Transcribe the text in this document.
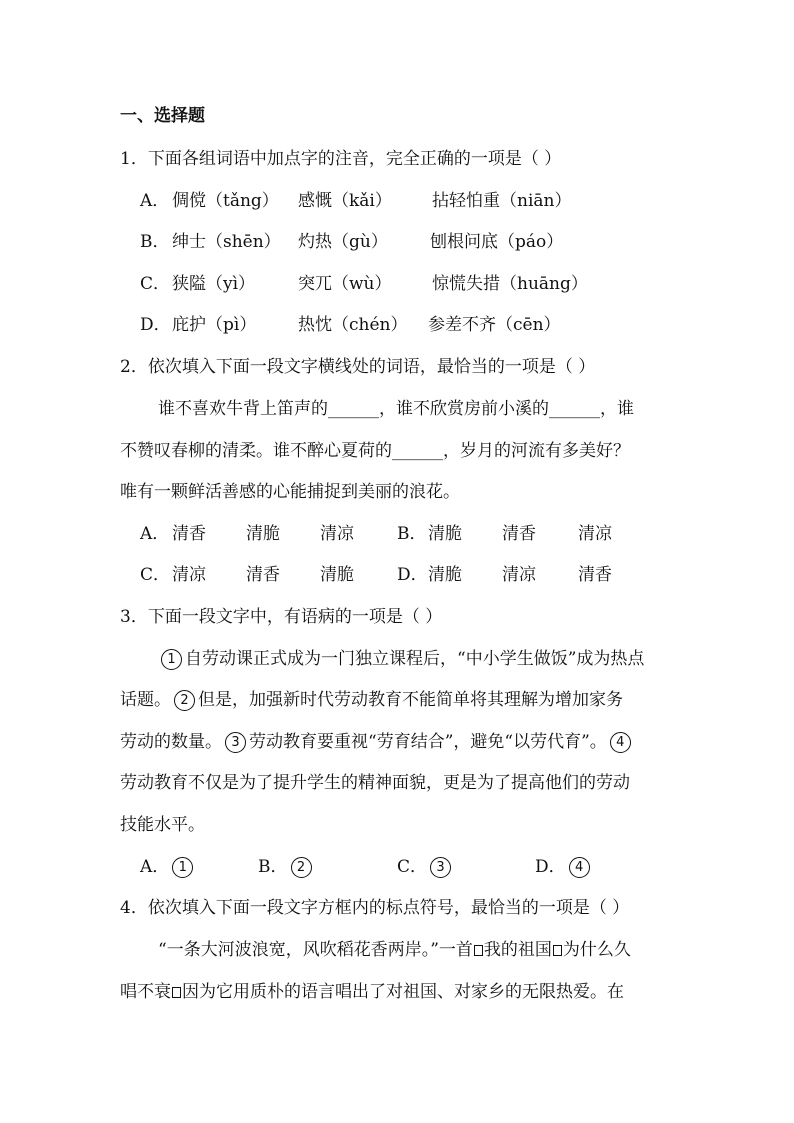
一、选择题
1．下面各组词语中加点字的注音，完全正确的一项是（ ）
A． 倜傥（tǎng） 感慨（kǎi） 拈轻怕重（niān）
B． 绅士（shēn） 灼热（gù） 刨根问底（páo）
C． 狭隘（yì）	突兀（wù） 惊慌失措（huāng）
D． 庇护（pì） 热忱（chén） 参差不齐（cēn）
2．依次填入下面一段文字横线处的词语，最恰当的一项是（ ）
谁不喜欢牛背上笛声的______，谁不欣赏房前小溪的______，谁
不赞叹春柳的清柔。谁不醉心夏荷的______，岁月的河流有多美好？
唯有一颗鲜活善感的心能捕捉到美丽的浪花。
A． 清香 清脆 清凉	B． 清脆 清香 清凉
C． 清凉 清香 清脆	D． 清脆 清凉 清香
3．下面一段文字中，有语病的一项是（ ）
1 自劳动课正式成为一门独立课程后，“中小学生做饭”成为热点
话题。 2 但是，加强新时代劳动教育不能简单将其理解为增加家务
劳动的数量。 3 劳动教育要重视“劳育结合”，避免“以劳代育”。 4
劳动教育不仅是为了提升学生的精神面貌，更是为了提高他们的劳动
技能水平。
A． 1	B． 2	C． 3	D． 4
4．依次填入下面一段文字方框内的标点符号，最恰当的一项是（ ）
“一条大河波浪宽，风吹稻花香两岸。”一首 我的祖国 为什么久
唱不衰 因为它用质朴的语言唱出了对祖国、对家乡的无限热爱。在
